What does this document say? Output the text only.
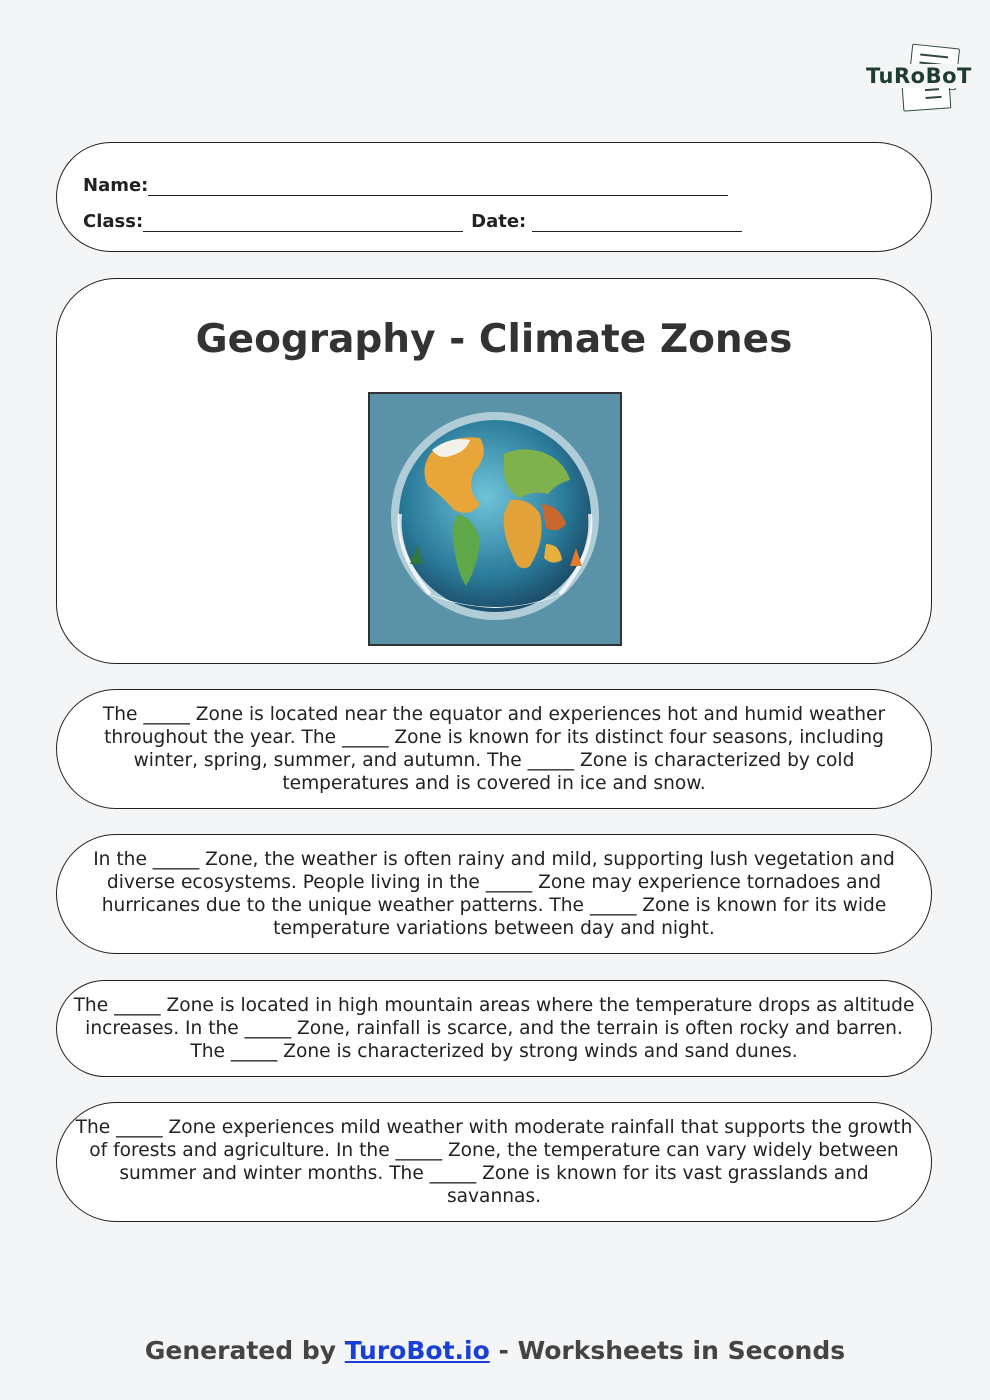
TuRoBoT
Name:
Class:	Date:
Geography - Climate Zones

The _____ Zone is located near the equator and experiences hot and humid weather throughout the year. The _____ Zone is known for its distinct four seasons, including winter, spring, summer, and autumn. The _____ Zone is characterized by cold temperatures and is covered in ice and snow.

In the _____ Zone, the weather is often rainy and mild, supporting lush vegetation and diverse ecosystems. People living in the _____ Zone may experience tornadoes and hurricanes due to the unique weather patterns. The _____ Zone is known for its wide temperature variations between day and night.

The _____ Zone is located in high mountain areas where the temperature drops as altitude increases. In the _____ Zone, rainfall is scarce, and the terrain is often rocky and barren. The _____ Zone is characterized by strong winds and sand dunes.

The _____ Zone experiences mild weather with moderate rainfall that supports the growth of forests and agriculture. In the _____ Zone, the temperature can vary widely between summer and winter months. The _____ Zone is known for its vast grasslands and savannas.

Generated by TuroBot.io - Worksheets in Seconds
